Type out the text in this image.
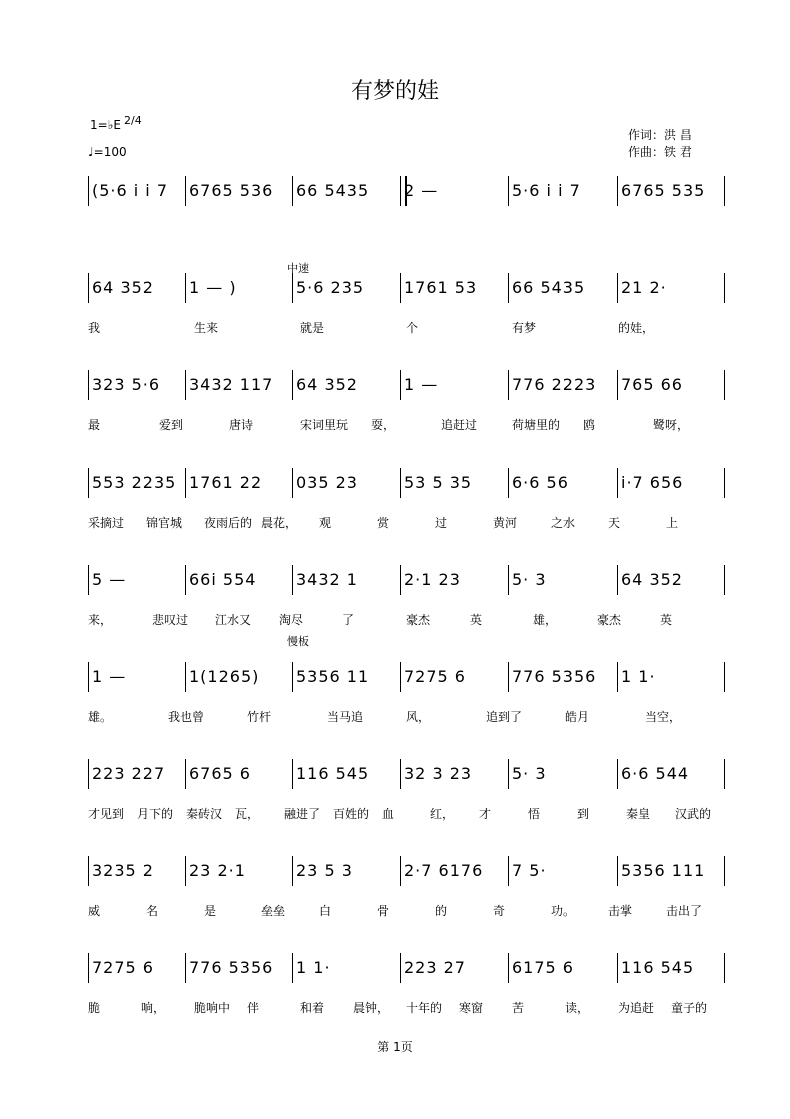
有梦的娃
1=♭E 2/4
♩=100
作词：洪 昌
作曲：铁 君
(5·6 i i 7	6765 536	66 5435	2 —	5·6 i i 7	6765 535
64 352	1 — )	5·6 235	1761 53	66 5435	21 2·
我	生来	就是	个	有梦	的娃，
323 5·6	3432 117	64 352	1 —	776 2223	765 66
最	爱到	唐诗	宋词里玩 耍，	追赶过	荷塘里的 鸥	鹭呀，
553 2235 1761 22	035 23	53 5 35	6·6 56	i·7 656
采摘过 锦官城 夜雨后的 晨花， 观	赏	过	黄河	之水	天	上
5 —	66i 554	3432 1	2·1 23	5· 3	64 352
来，	悲叹过 江水又 淘尽	了	豪杰	英	雄，	豪杰	英
1 —	1(1265)	5356 11	7275 6	776 5356	1 1·
雄。	我也曾	竹杆	当马追	风，	追到了	皓月	当空，
223 227	6765 6	116 545	32 3 23	5· 3	6·6 544
才见到 月下的 秦砖汉 瓦， 融进了 百姓的 血	红， 才	悟	到	秦皇 汉武的
3235 2	23 2·1	23 5 3	2·7 6176	7 5·	5356 111
威	名	是	垒垒	白	骨	的	奇	功。	击掌	击出了
7275 6	776 5356	1 1·	223 27	6175 6	116 545
脆	响， 脆响中 伴	和着 晨钟， 十年的 寒窗 苦	读， 为追赶 童子的
中速
慢板
第 1页
